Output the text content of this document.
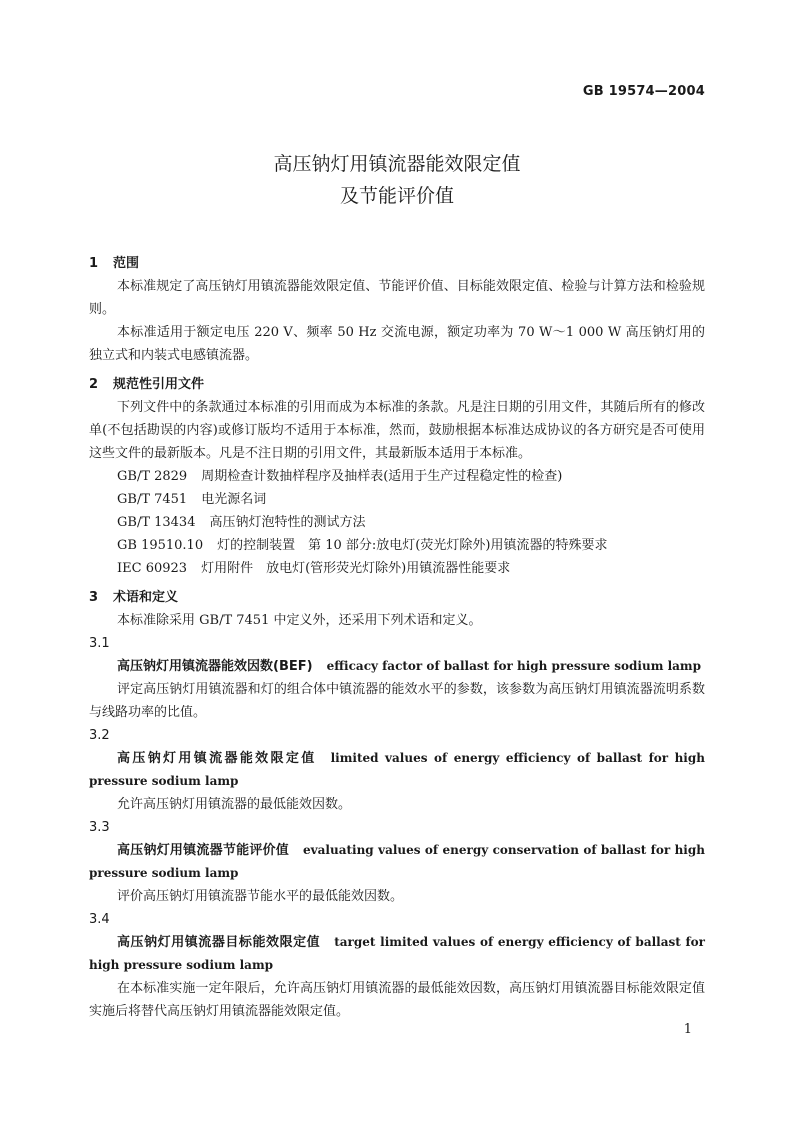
GB 19574—2004
高压钠灯用镇流器能效限定值
及节能评价值
1 范围
本标准规定了高压钠灯用镇流器能效限定值、节能评价值、目标能效限定值、检验与计算方法和检验规则。
本标准适用于额定电压 220 V、频率 50 Hz 交流电源，额定功率为 70 W～1 000 W 高压钠灯用的独立式和内装式电感镇流器。
2 规范性引用文件
下列文件中的条款通过本标准的引用而成为本标准的条款。凡是注日期的引用文件，其随后所有的修改单(不包括勘误的内容)或修订版均不适用于本标准，然而，鼓励根据本标准达成协议的各方研究是否可使用这些文件的最新版本。凡是不注日期的引用文件，其最新版本适用于本标准。
GB/T 2829 周期检查计数抽样程序及抽样表(适用于生产过程稳定性的检查)
GB/T 7451 电光源名词
GB/T 13434 高压钠灯泡特性的测试方法
GB 19510.10 灯的控制装置　第 10 部分:放电灯(荧光灯除外)用镇流器的特殊要求
IEC 60923 灯用附件　放电灯(管形荧光灯除外)用镇流器性能要求
3 术语和定义
本标准除采用 GB/T 7451 中定义外，还采用下列术语和定义。
3.1
高压钠灯用镇流器能效因数(BEF) efficacy factor of ballast for high pressure sodium lamp
评定高压钠灯用镇流器和灯的组合体中镇流器的能效水平的参数，该参数为高压钠灯用镇流器流明系数与线路功率的比值。
3.2
高压钠灯用镇流器能效限定值 limited values of energy efficiency of ballast for high pressure sodium lamp
允许高压钠灯用镇流器的最低能效因数。
3.3
高压钠灯用镇流器节能评价值 evaluating values of energy conservation of ballast for high pressure sodium lamp
评价高压钠灯用镇流器节能水平的最低能效因数。
3.4
高压钠灯用镇流器目标能效限定值 target limited values of energy efficiency of ballast for high pressure sodium lamp
在本标准实施一定年限后，允许高压钠灯用镇流器的最低能效因数，高压钠灯用镇流器目标能效限定值实施后将替代高压钠灯用镇流器能效限定值。
1
